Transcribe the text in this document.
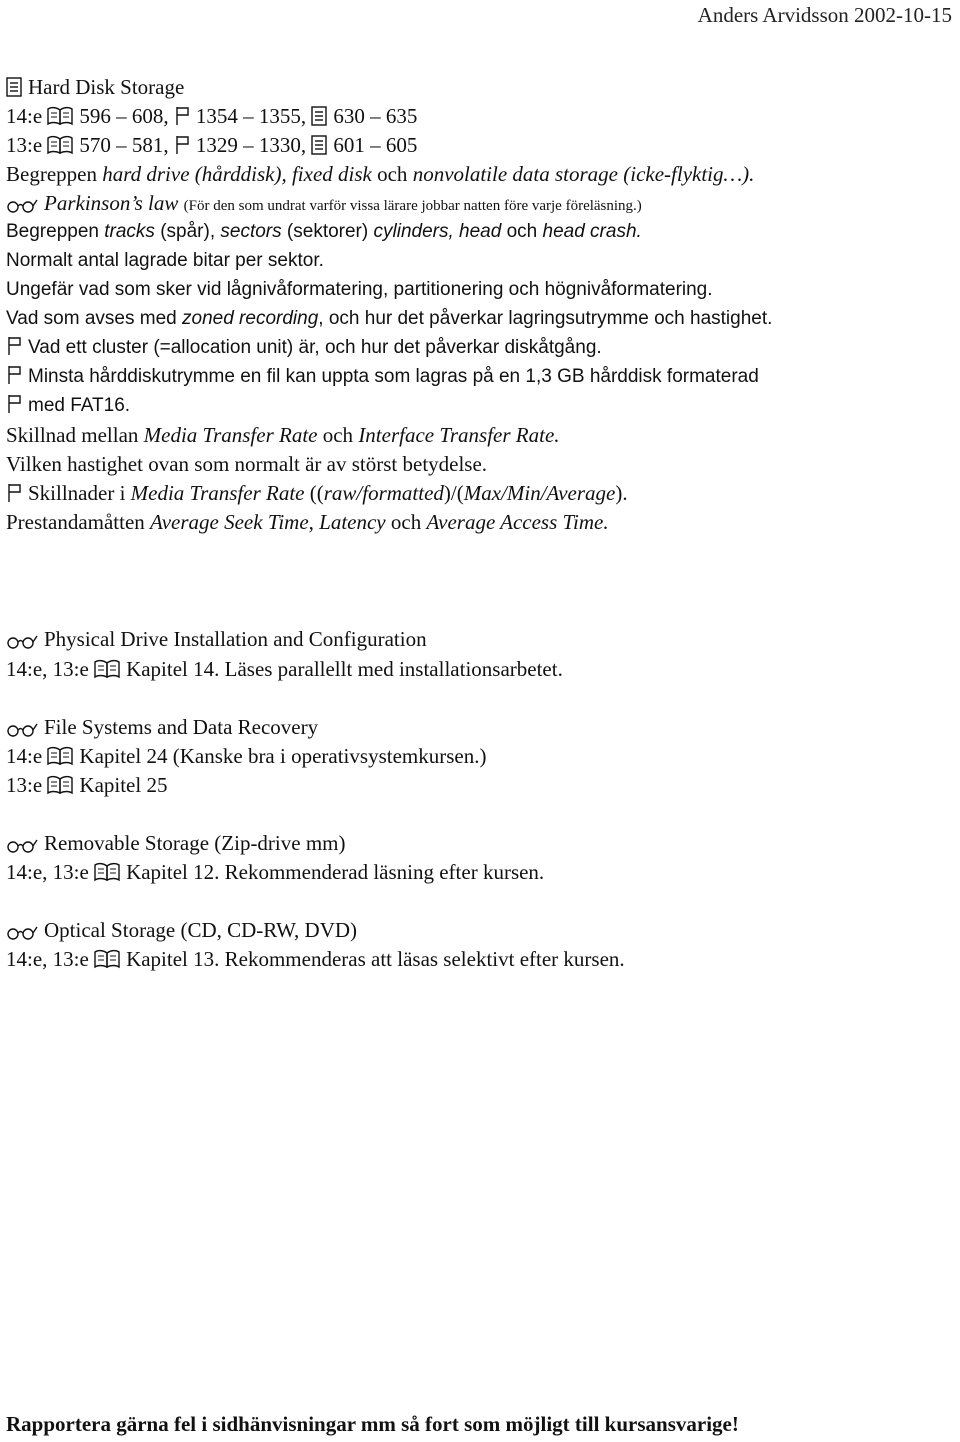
Anders Arvidsson 2002-10-15
Hard Disk Storage
14:e 596 – 608, 1354 – 1355, 630 – 635
13:e 570 – 581, 1329 – 1330, 601 – 605
Begreppen hard drive (hårddisk), fixed disk och nonvolatile data storage (icke-flyktig…).
Parkinson’s law (För den som undrat varför vissa lärare jobbar natten före varje föreläsning.)
Begreppen tracks (spår), sectors (sektorer) cylinders, head och head crash.
Normalt antal lagrade bitar per sektor.
Ungefär vad som sker vid lågnivåformatering, partitionering och högnivåformatering.
Vad som avses med zoned recording, och hur det påverkar lagringsutrymme och hastighet.
Vad ett cluster (=allocation unit) är, och hur det påverkar diskåtgång.
Minsta hårddiskutrymme en fil kan uppta som lagras på en 1,3 GB hårddisk formaterad
med FAT16.
Skillnad mellan Media Transfer Rate och Interface Transfer Rate.
Vilken hastighet ovan som normalt är av störst betydelse.
Skillnader i Media Transfer Rate ((raw/formatted)/(Max/Min/Average).
Prestandamåtten Average Seek Time, Latency och Average Access Time.
Physical Drive Installation and Configuration
14:e, 13:e Kapitel 14. Läses parallellt med installationsarbetet.
File Systems and Data Recovery
14:e Kapitel 24 (Kanske bra i operativsystemkursen.)
13:e Kapitel 25
Removable Storage (Zip-drive mm)
14:e, 13:e Kapitel 12. Rekommenderad läsning efter kursen.
Optical Storage (CD, CD-RW, DVD)
14:e, 13:e Kapitel 13. Rekommenderas att läsas selektivt efter kursen.
Rapportera gärna fel i sidhänvisningar mm så fort som möjligt till kursansvarige!
